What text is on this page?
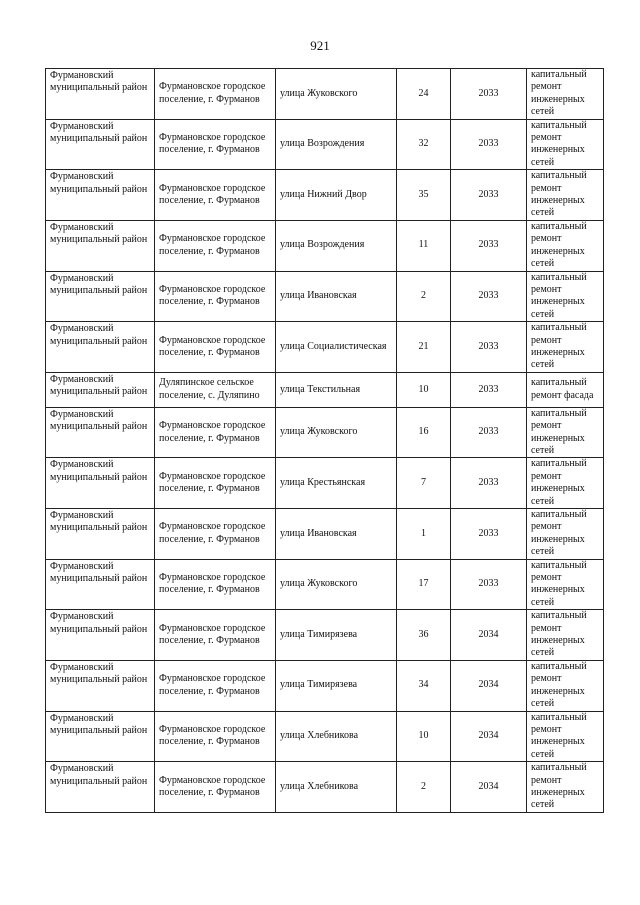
921
Фурмановский муниципальный район	Фурмановское городское поселение, г. Фурманов	улица Жуковского	24	2033	капитальный ремонт инженерных сетей
Фурмановский муниципальный район	Фурмановское городское поселение, г. Фурманов	улица Возрождения	32	2033	капитальный ремонт инженерных сетей
Фурмановский муниципальный район	Фурмановское городское поселение, г. Фурманов	улица Нижний Двор	35	2033	капитальный ремонт инженерных сетей
Фурмановский муниципальный район	Фурмановское городское поселение, г. Фурманов	улица Возрождения	11	2033	капитальный ремонт инженерных сетей
Фурмановский муниципальный район	Фурмановское городское поселение, г. Фурманов	улица Ивановская	2	2033	капитальный ремонт инженерных сетей
Фурмановский муниципальный район	Фурмановское городское поселение, г. Фурманов	улица Социалистическая	21	2033	капитальный ремонт инженерных сетей
Фурмановский муниципальный район	Дуляпинское сельское поселение, с. Дуляпино	улица Текстильная	10	2033	капитальный ремонт фасада
Фурмановский муниципальный район	Фурмановское городское поселение, г. Фурманов	улица Жуковского	16	2033	капитальный ремонт инженерных сетей
Фурмановский муниципальный район	Фурмановское городское поселение, г. Фурманов	улица Крестьянская	7	2033	капитальный ремонт инженерных сетей
Фурмановский муниципальный район	Фурмановское городское поселение, г. Фурманов	улица Ивановская	1	2033	капитальный ремонт инженерных сетей
Фурмановский муниципальный район	Фурмановское городское поселение, г. Фурманов	улица Жуковского	17	2033	капитальный ремонт инженерных сетей
Фурмановский муниципальный район	Фурмановское городское поселение, г. Фурманов	улица Тимирязева	36	2034	капитальный ремонт инженерных сетей
Фурмановский муниципальный район	Фурмановское городское поселение, г. Фурманов	улица Тимирязева	34	2034	капитальный ремонт инженерных сетей
Фурмановский муниципальный район	Фурмановское городское поселение, г. Фурманов	улица Хлебникова	10	2034	капитальный ремонт инженерных сетей
Фурмановский муниципальный район	Фурмановское городское поселение, г. Фурманов	улица Хлебникова	2	2034	капитальный ремонт инженерных сетей
